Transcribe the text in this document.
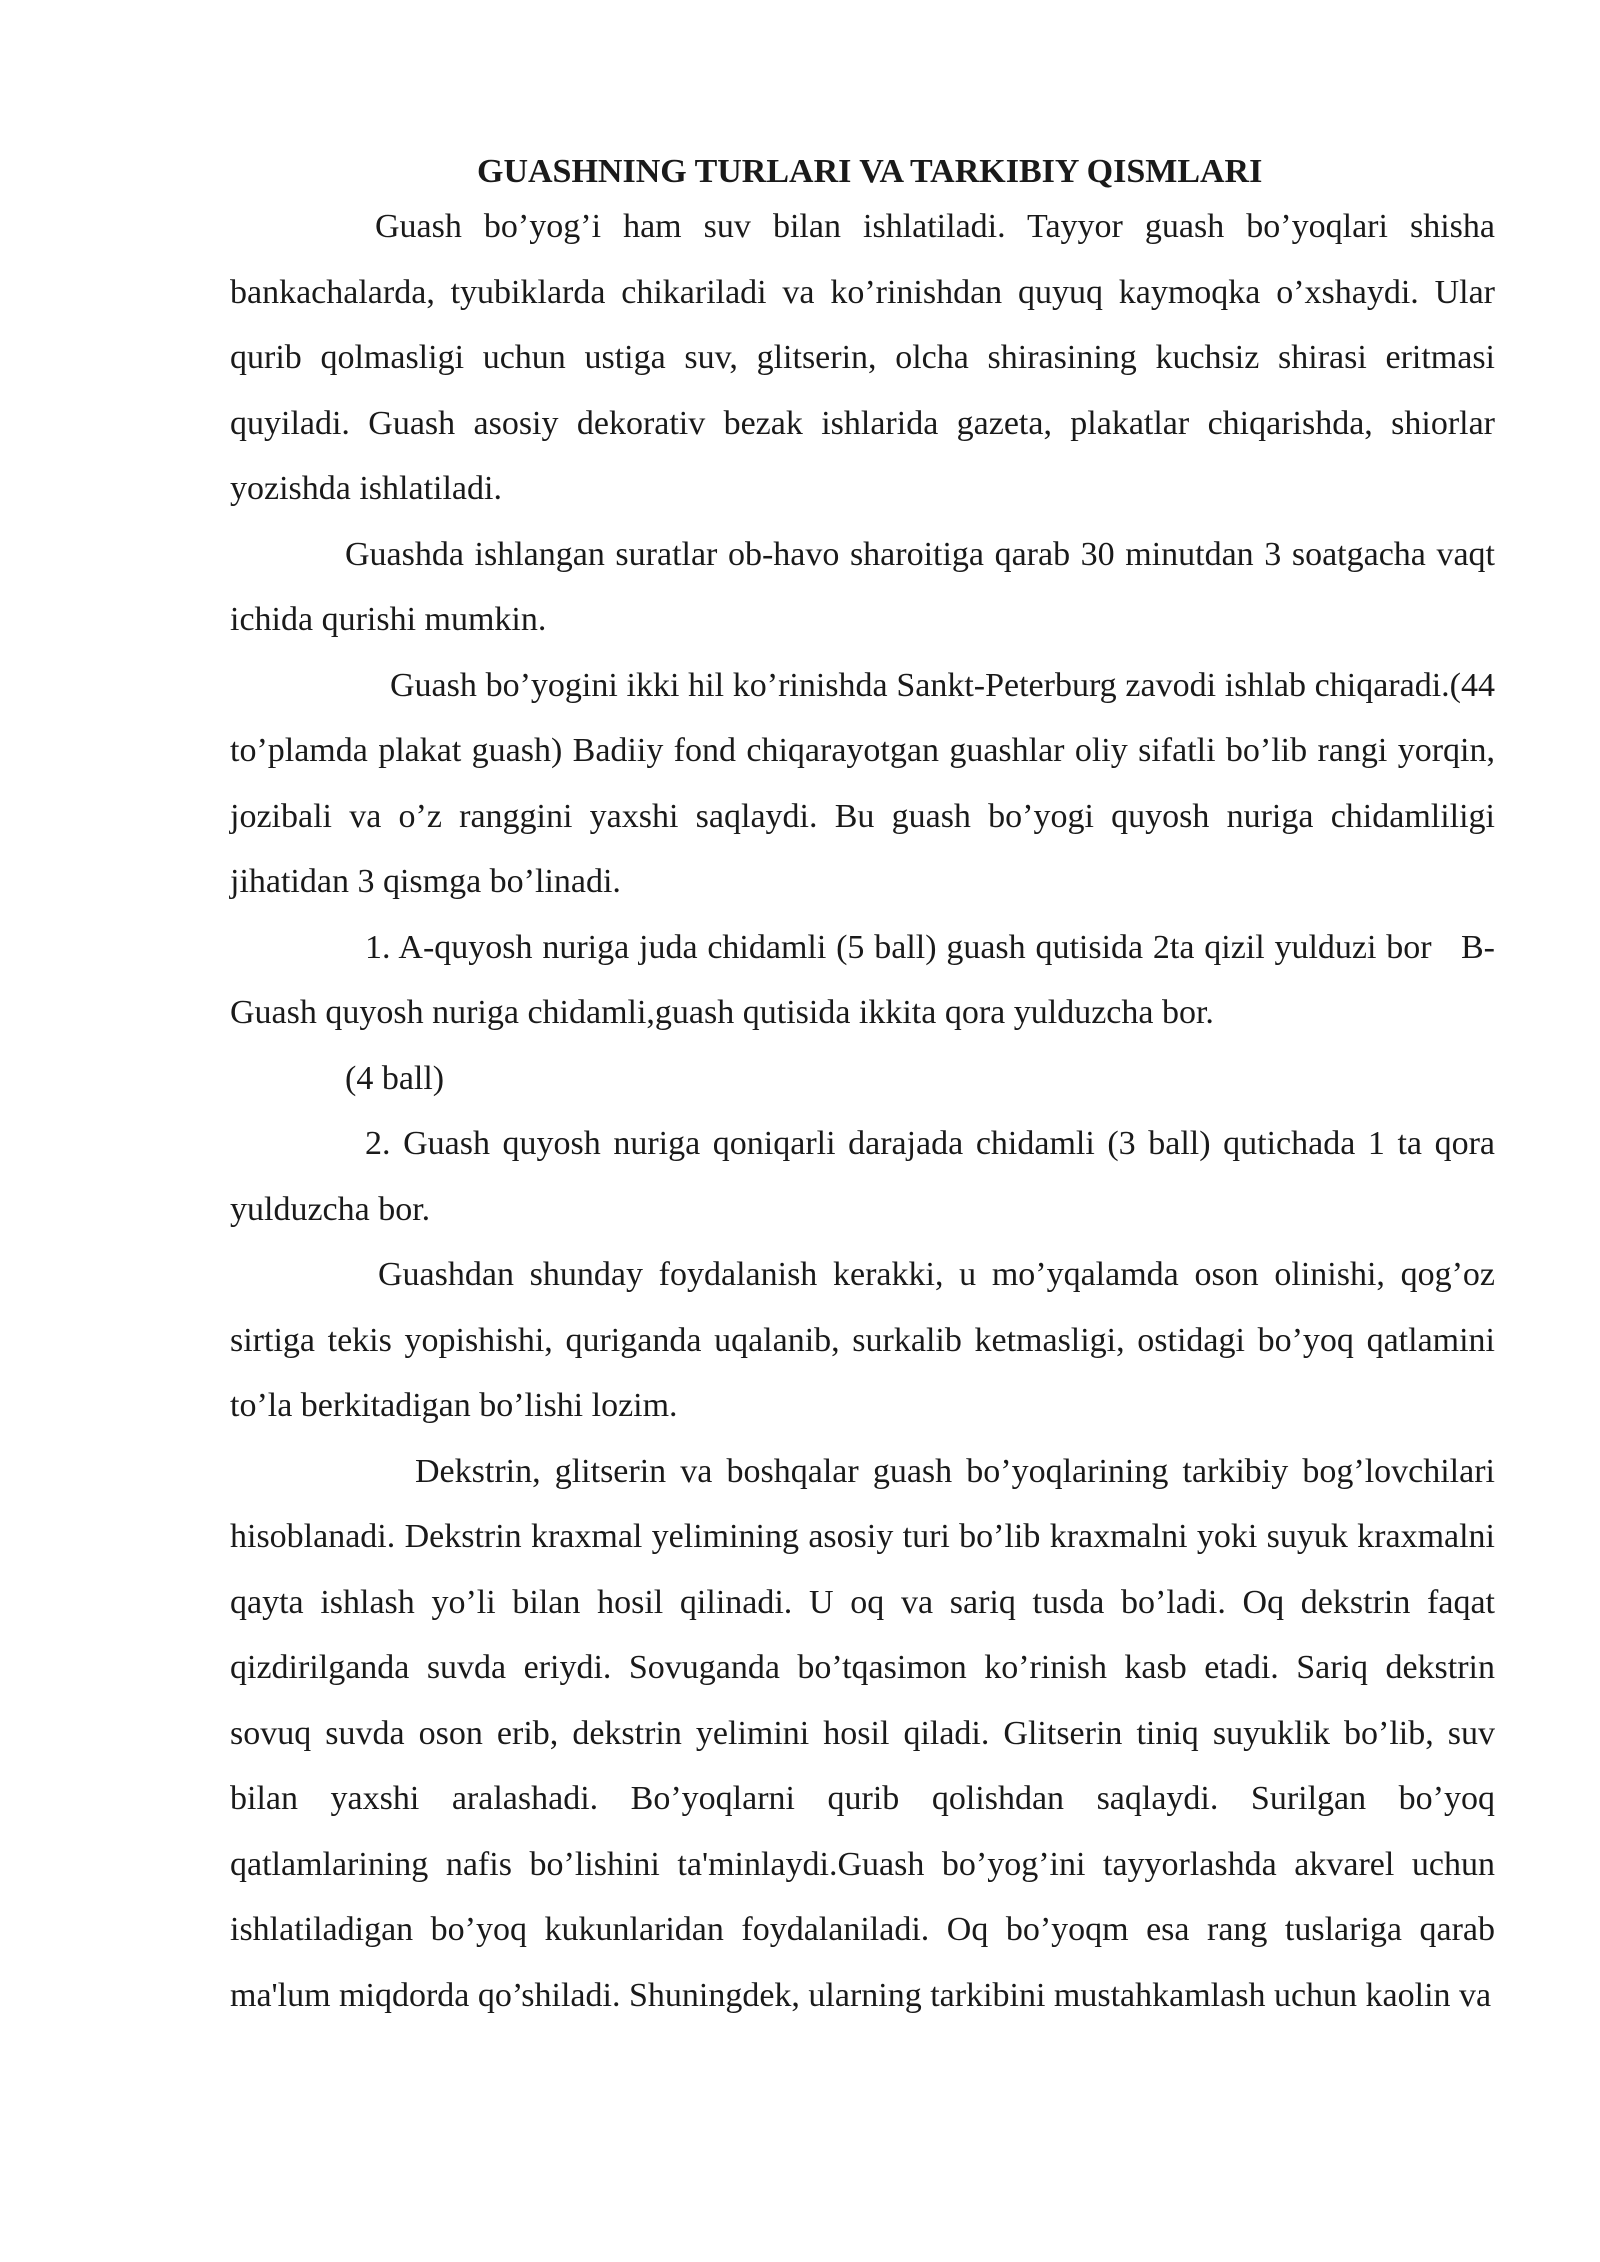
GUASHNING TURLARI VA TARKIBIY QISMLARI

Guash bo’yog’i ham suv bilan ishlatiladi. Tayyor guash bo’yoqlari shisha bankachalarda, tyubiklarda chikariladi va ko’rinishdan quyuq kaymoqka o’xshaydi. Ular qurib qolmasligi uchun ustiga suv, glitserin, olcha shirasining kuchsiz shirasi eritmasi quyiladi. Guash asosiy dekorativ bezak ishlarida gazeta, plakatlar chiqarishda, shiorlar yozishda ishlatiladi.

Guashda ishlangan suratlar ob-havo sharoitiga qarab 30 minutdan 3 soatgacha vaqt ichida qurishi mumkin.

Guash bo’yogini ikki hil ko’rinishda Sankt-Peterburg zavodi ishlab chiqaradi.(44 to’plamda plakat guash) Badiiy fond chiqarayotgan guashlar oliy sifatli bo’lib rangi yorqin, jozibali va o’z ranggini yaxshi saqlaydi. Bu guash bo’yogi quyosh nuriga chidamliligi jihatidan 3 qismga bo’linadi.

1. A-quyosh nuriga juda chidamli (5 ball) guash qutisida 2ta qizil yulduzi bor   B- Guash quyosh nuriga chidamli,guash qutisida ikkita qora yulduzcha bor.

(4 ball)

2. Guash quyosh nuriga qoniqarli darajada chidamli (3 ball) qutichada 1 ta qora yulduzcha bor.

Guashdan shunday foydalanish kerakki, u mo’yqalamda oson olinishi, qog’oz sirtiga tekis yopishishi, quriganda uqalanib, surkalib ketmasligi, ostidagi bo’yoq qatlamini to’la berkitadigan bo’lishi lozim.

Dekstrin, glitserin va boshqalar guash bo’yoqlarining tarkibiy bog’lovchilari hisoblanadi. Dekstrin kraxmal yelimining asosiy turi bo’lib kraxmalni yoki suyuk kraxmalni qayta ishlash yo’li bilan hosil qilinadi. U oq va sariq tusda bo’ladi. Oq dekstrin faqat qizdirilganda suvda eriydi. Sovuganda bo’tqasimon ko’rinish kasb etadi. Sariq dekstrin sovuq suvda oson erib, dekstrin yelimini hosil qiladi. Glitserin tiniq suyuklik bo’lib, suv bilan yaxshi aralashadi. Bo’yoqlarni qurib qolishdan saqlaydi. Surilgan bo’yoq qatlamlarining nafis bo’lishini ta'minlaydi.Guash bo’yog’ini tayyorlashda akvarel uchun ishlatiladigan bo’yoq kukunlaridan foydalaniladi. Oq bo’yoqm esa rang tuslariga qarab ma'lum miqdorda qo’shiladi. Shuningdek, ularning tarkibini mustahkamlash uchun kaolin va
